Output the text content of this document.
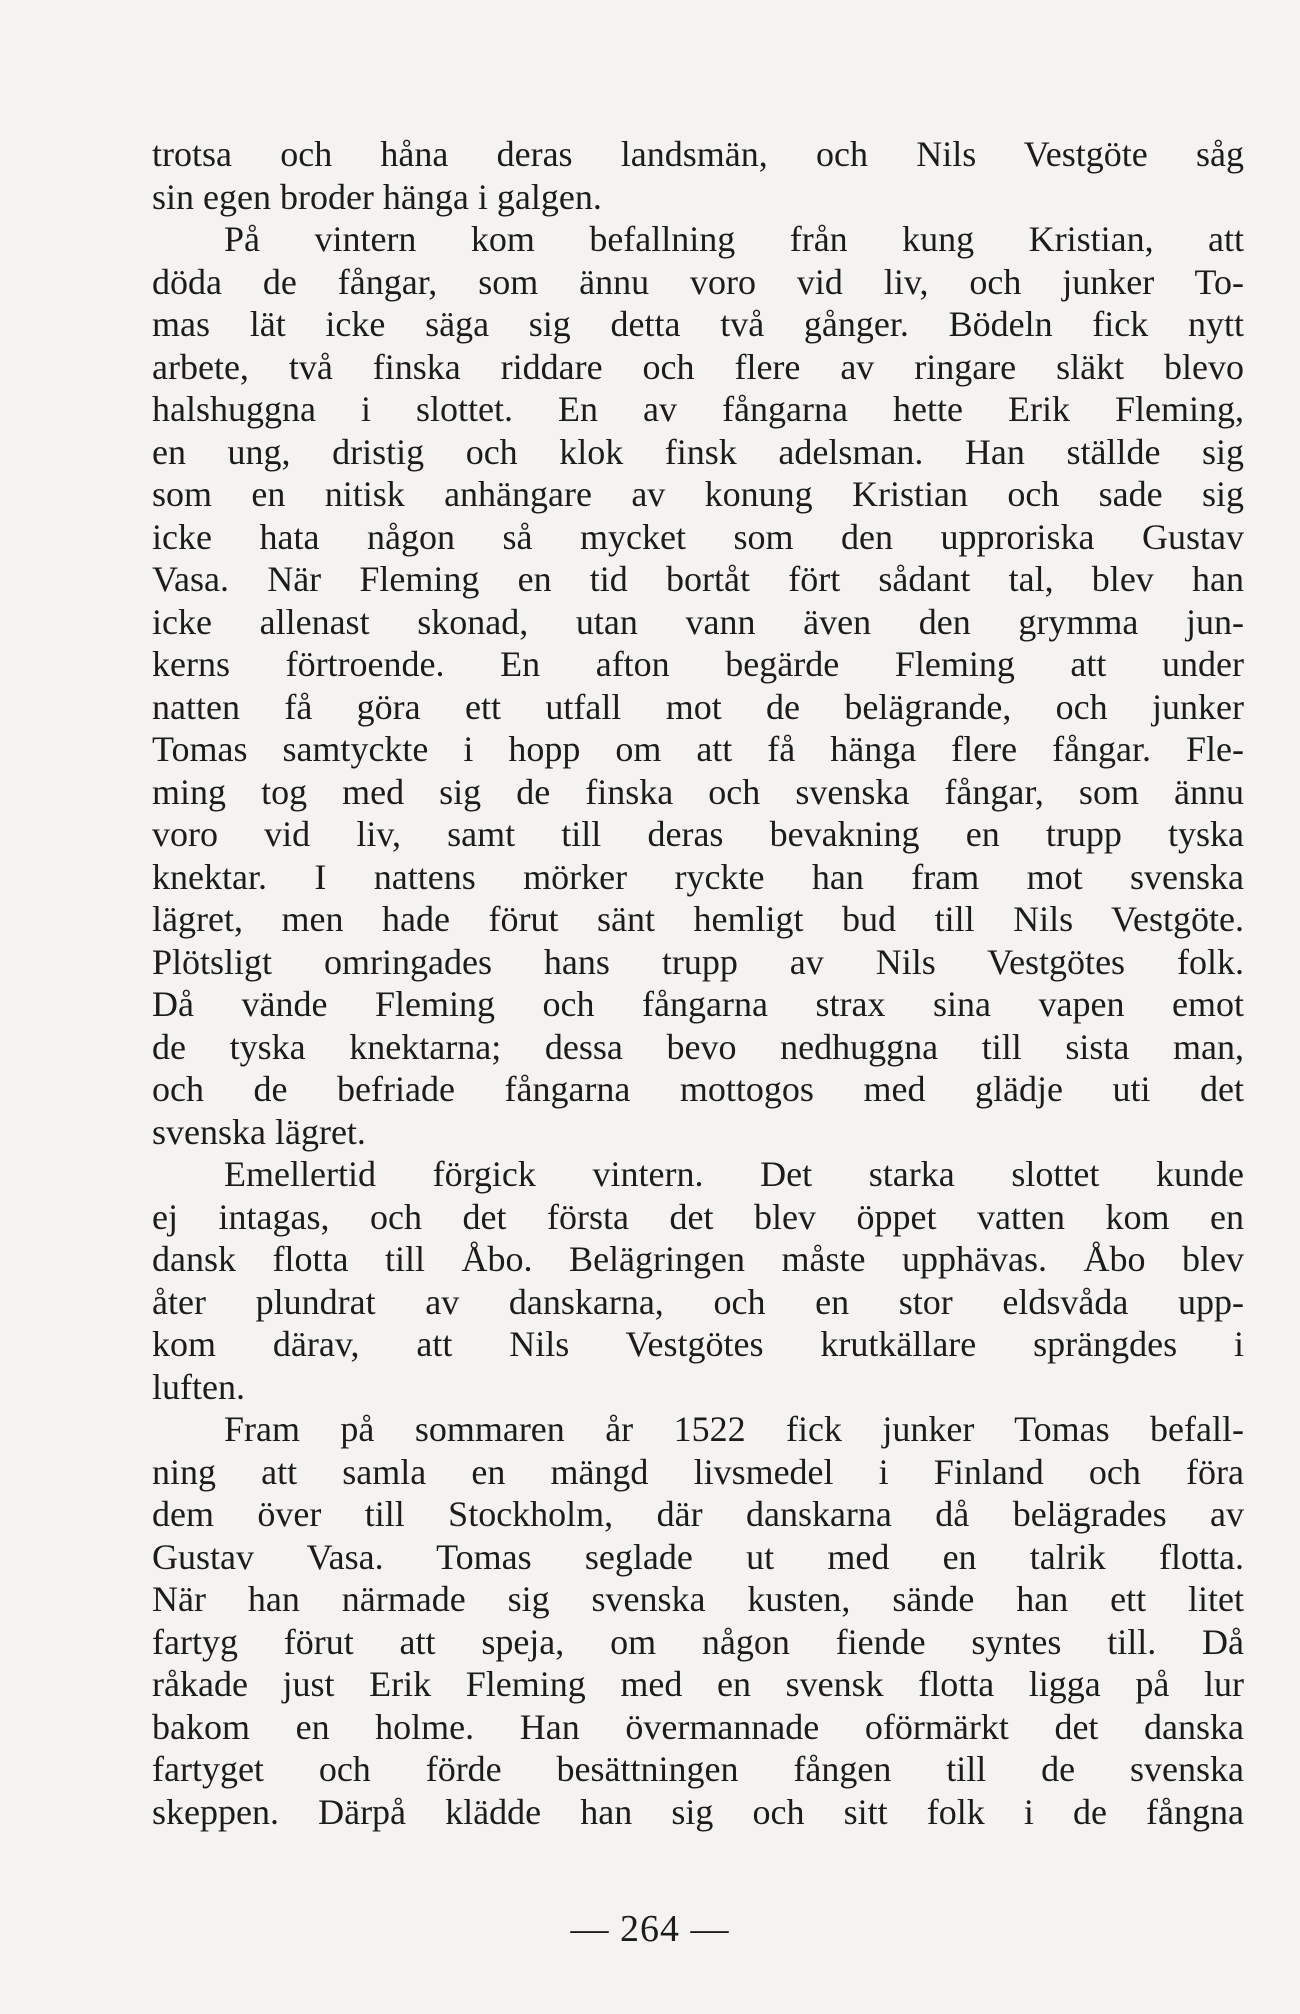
trotsa och håna deras landsmän, och Nils Vestgöte såg
sin egen broder hänga i galgen.
På vintern kom befallning från kung Kristian, att
döda de fångar, som ännu voro vid liv, och junker To-
mas lät icke säga sig detta två gånger. Bödeln fick nytt
arbete, två finska riddare och flere av ringare släkt blevo
halshuggna i slottet. En av fångarna hette Erik Fleming,
en ung, dristig och klok finsk adelsman. Han ställde sig
som en nitisk anhängare av konung Kristian och sade sig
icke hata någon så mycket som den upproriska Gustav
Vasa. När Fleming en tid bortåt fört sådant tal, blev han
icke allenast skonad, utan vann även den grymma jun-
kerns förtroende. En afton begärde Fleming att under
natten få göra ett utfall mot de belägrande, och junker
Tomas samtyckte i hopp om att få hänga flere fångar. Fle-
ming tog med sig de finska och svenska fångar, som ännu
voro vid liv, samt till deras bevakning en trupp tyska
knektar. I nattens mörker ryckte han fram mot svenska
lägret, men hade förut sänt hemligt bud till Nils Vestgöte.
Plötsligt omringades hans trupp av Nils Vestgötes folk.
Då vände Fleming och fångarna strax sina vapen emot
de tyska knektarna; dessa bevo nedhuggna till sista man,
och de befriade fångarna mottogos med glädje uti det
svenska lägret.
Emellertid förgick vintern. Det starka slottet kunde
ej intagas, och det första det blev öppet vatten kom en
dansk flotta till Åbo. Belägringen måste upphävas. Åbo blev
åter plundrat av danskarna, och en stor eldsvåda upp-
kom därav, att Nils Vestgötes krutkällare sprängdes i
luften.
Fram på sommaren år 1522 fick junker Tomas befall-
ning att samla en mängd livsmedel i Finland och föra
dem över till Stockholm, där danskarna då belägrades av
Gustav Vasa. Tomas seglade ut med en talrik flotta.
När han närmade sig svenska kusten, sände han ett litet
fartyg förut att speja, om någon fiende syntes till. Då
råkade just Erik Fleming med en svensk flotta ligga på lur
bakom en holme. Han övermannade oförmärkt det danska
fartyget och förde besättningen fången till de svenska
skeppen. Därpå klädde han sig och sitt folk i de fångna
— 264 —
